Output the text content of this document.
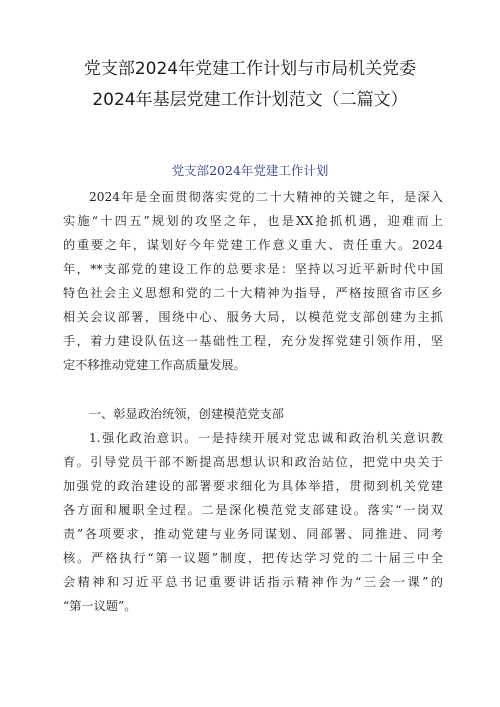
党支部2024年党建工作计划与市局机关党委
2024年基层党建工作计划范文（二篇文）
党支部2024年党建工作计划
2024年是全面贯彻落实党的二十大精神的关键之年，是深入
实施“十四五”规划的攻坚之年，也是XX抢抓机遇，迎难而上
的重要之年，谋划好今年党建工作意义重大、责任重大。2024
年，**支部党的建设工作的总要求是：坚持以习近平新时代中国
特色社会主义思想和党的二十大精神为指导，严格按照省市区乡
相关会议部署，围绕中心、服务大局，以模范党支部创建为主抓
手，着力建设队伍这一基础性工程，充分发挥党建引领作用，坚
定不移推动党建工作高质量发展。
一、彰显政治统领，创建模范党支部
1.强化政治意识。一是持续开展对党忠诚和政治机关意识教
育。引导党员干部不断提高思想认识和政治站位，把党中央关于
加强党的政治建设的部署要求细化为具体举措，贯彻到机关党建
各方面和履职全过程。二是深化模范党支部建设。落实“一岗双
责”各项要求，推动党建与业务同谋划、同部署、同推进、同考
核。严格执行“第一议题”制度，把传达学习党的二十届三中全
会精神和习近平总书记重要讲话指示精神作为“三会一课”的
“第一议题”。
